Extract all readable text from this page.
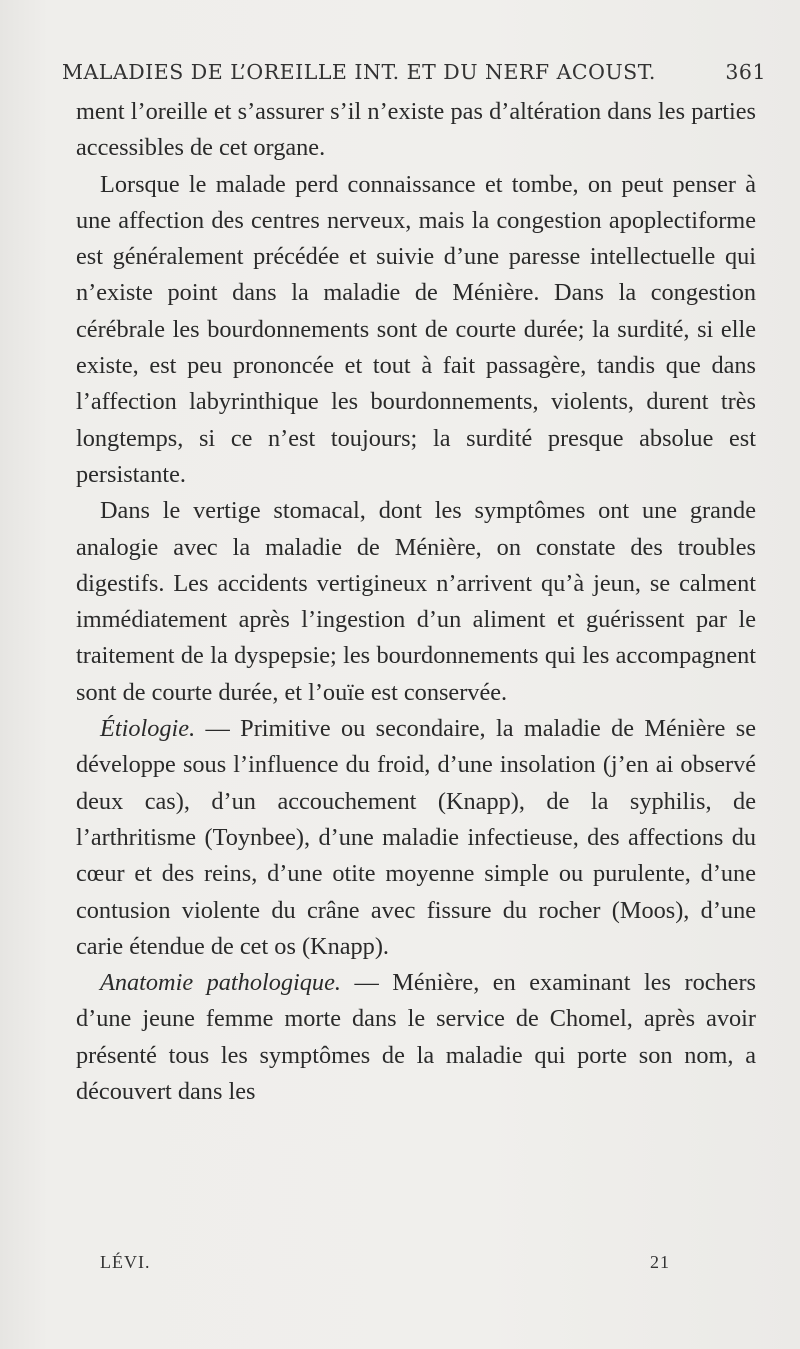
MALADIES DE L’OREILLE INT. ET DU NERF ACOUST.	361

ment l’oreille et s’assurer s’il n’existe pas d’altération dans les parties accessibles de cet organe.

Lorsque le malade perd connaissance et tombe, on peut penser à une affection des centres nerveux, mais la congestion apoplectiforme est généralement précédée et suivie d’une paresse intellectuelle qui n’existe point dans la maladie de Ménière. Dans la congestion cérébrale les bourdonnements sont de courte durée; la surdité, si elle existe, est peu prononcée et tout à fait passagère, tandis que dans l’affection labyrinthique les bourdonnements, violents, durent très longtemps, si ce n’est toujours; la surdité presque absolue est persistante.

Dans le vertige stomacal, dont les symptômes ont une grande analogie avec la maladie de Ménière, on constate des troubles digestifs. Les accidents vertigineux n’arrivent qu’à jeun, se calment immédiatement après l’ingestion d’un aliment et guérissent par le traitement de la dyspepsie; les bourdonnements qui les accompagnent sont de courte durée, et l’ouïe est conservée.

Étiologie. — Primitive ou secondaire, la maladie de Ménière se développe sous l’influence du froid, d’une insolation (j’en ai observé deux cas), d’un accouchement (Knapp), de la syphilis, de l’arthritisme (Toynbee), d’une maladie infectieuse, des affections du cœur et des reins, d’une otite moyenne simple ou purulente, d’une contusion violente du crâne avec fissure du rocher (Moos), d’une carie étendue de cet os (Knapp).

Anatomie pathologique. — Ménière, en examinant les rochers d’une jeune femme morte dans le service de Chomel, après avoir présenté tous les symptômes de la maladie qui porte son nom, a découvert dans les

LÉVI.	21
